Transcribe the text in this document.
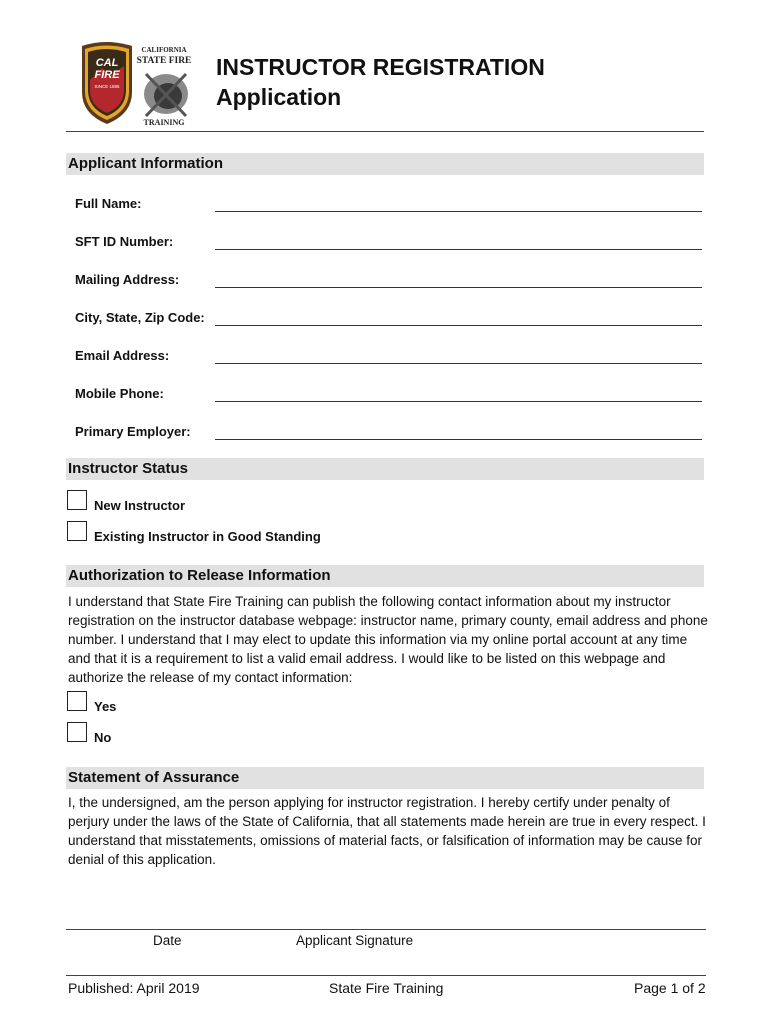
CAL
FIRE
SINCE 1885
CALIFORNIA
STATE FIRE
TRAINING
INSTRUCTOR REGISTRATION
Application
Applicant Information
Full Name:
SFT ID Number:
Mailing Address:
City, State, Zip Code:
Email Address:
Mobile Phone:
Primary Employer:
Instructor Status
New Instructor
Existing Instructor in Good Standing
Authorization to Release Information
I understand that State Fire Training can publish the following contact information about my instructor registration on the instructor database webpage: instructor name, primary county, email address and phone number. I understand that I may elect to update this information via my online portal account at any time and that it is a requirement to list a valid email address. I would like to be listed on this webpage and authorize the release of my contact information:
Yes
No
Statement of Assurance
I, the undersigned, am the person applying for instructor registration. I hereby certify under penalty of perjury under the laws of the State of California, that all statements made herein are true in every respect. I understand that misstatements, omissions of material facts, or falsification of information may be cause for denial of this application.
Date	Applicant Signature
Published: April 2019	State Fire Training	Page 1 of 2
